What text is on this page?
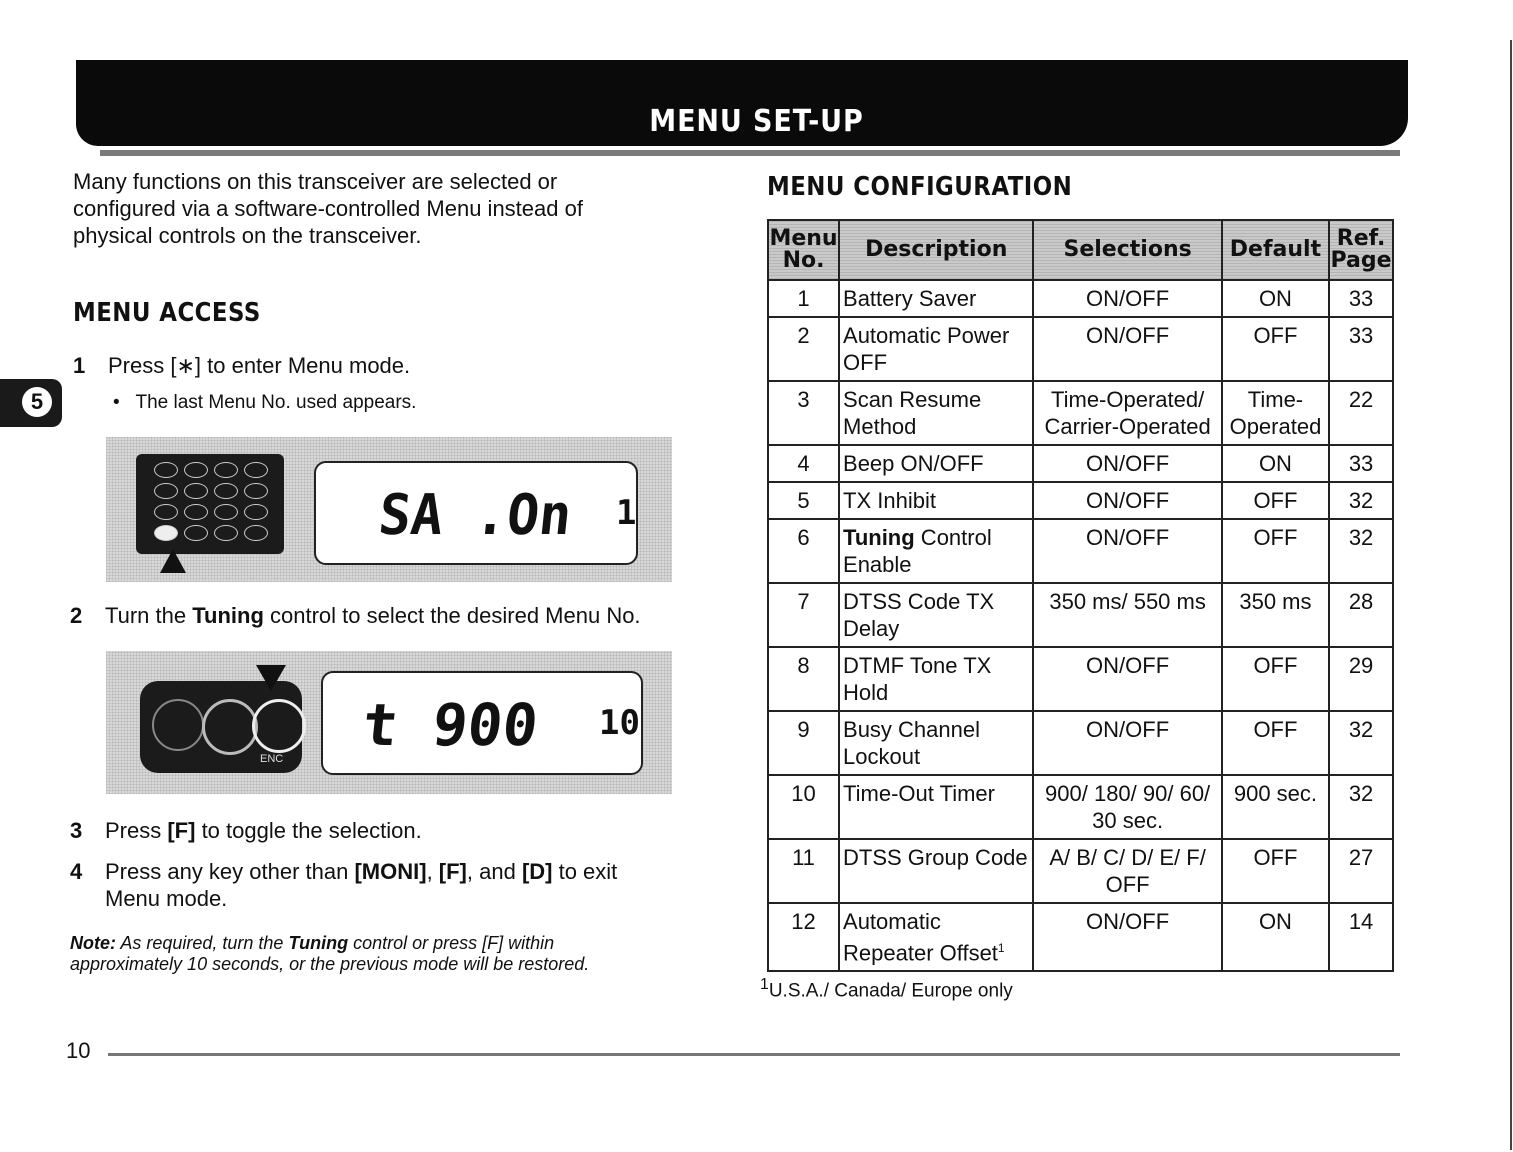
MENU SET-UP
5
Many functions on this transceiver are selected or configured via a software-controlled Menu instead of physical controls on the transceiver.
MENU ACCESS
1 Press [∗] to enter Menu mode.
•   The last Menu No. used appears.
SA .On 1
2 Turn the Tuning control to select the desired Menu No.
ENC t 900 10
3 Press [F] to toggle the selection.
4 Press any key other than [MONI], [F], and [D] to exit Menu mode.
Note: As required, turn the Tuning control or press [F] within approximately 10 seconds, or the previous mode will be restored.
MENU CONFIGURATION
Menu No.	Description	Selections	Default	Ref. Page
1	Battery Saver	ON/OFF	ON	33
2	Automatic Power OFF	ON/OFF	OFF	33
3	Scan Resume Method	Time-Operated/ Carrier-Operated	Time-Operated	22
4	Beep ON/OFF	ON/OFF	ON	33
5	TX Inhibit	ON/OFF	OFF	32
6	Tuning Control Enable	ON/OFF	OFF	32
7	DTSS Code TX Delay	350 ms/ 550 ms	350 ms	28
8	DTMF Tone TX Hold	ON/OFF	OFF	29
9	Busy Channel Lockout	ON/OFF	OFF	32
10	Time-Out Timer	900/ 180/ 90/ 60/ 30 sec.	900 sec.	32
11	DTSS Group Code	A/ B/ C/ D/ E/ F/ OFF	OFF	27
12	Automatic Repeater Offset$^1$	ON/OFF	ON	14
$^1$U.S.A./ Canada/ Europe only
10
